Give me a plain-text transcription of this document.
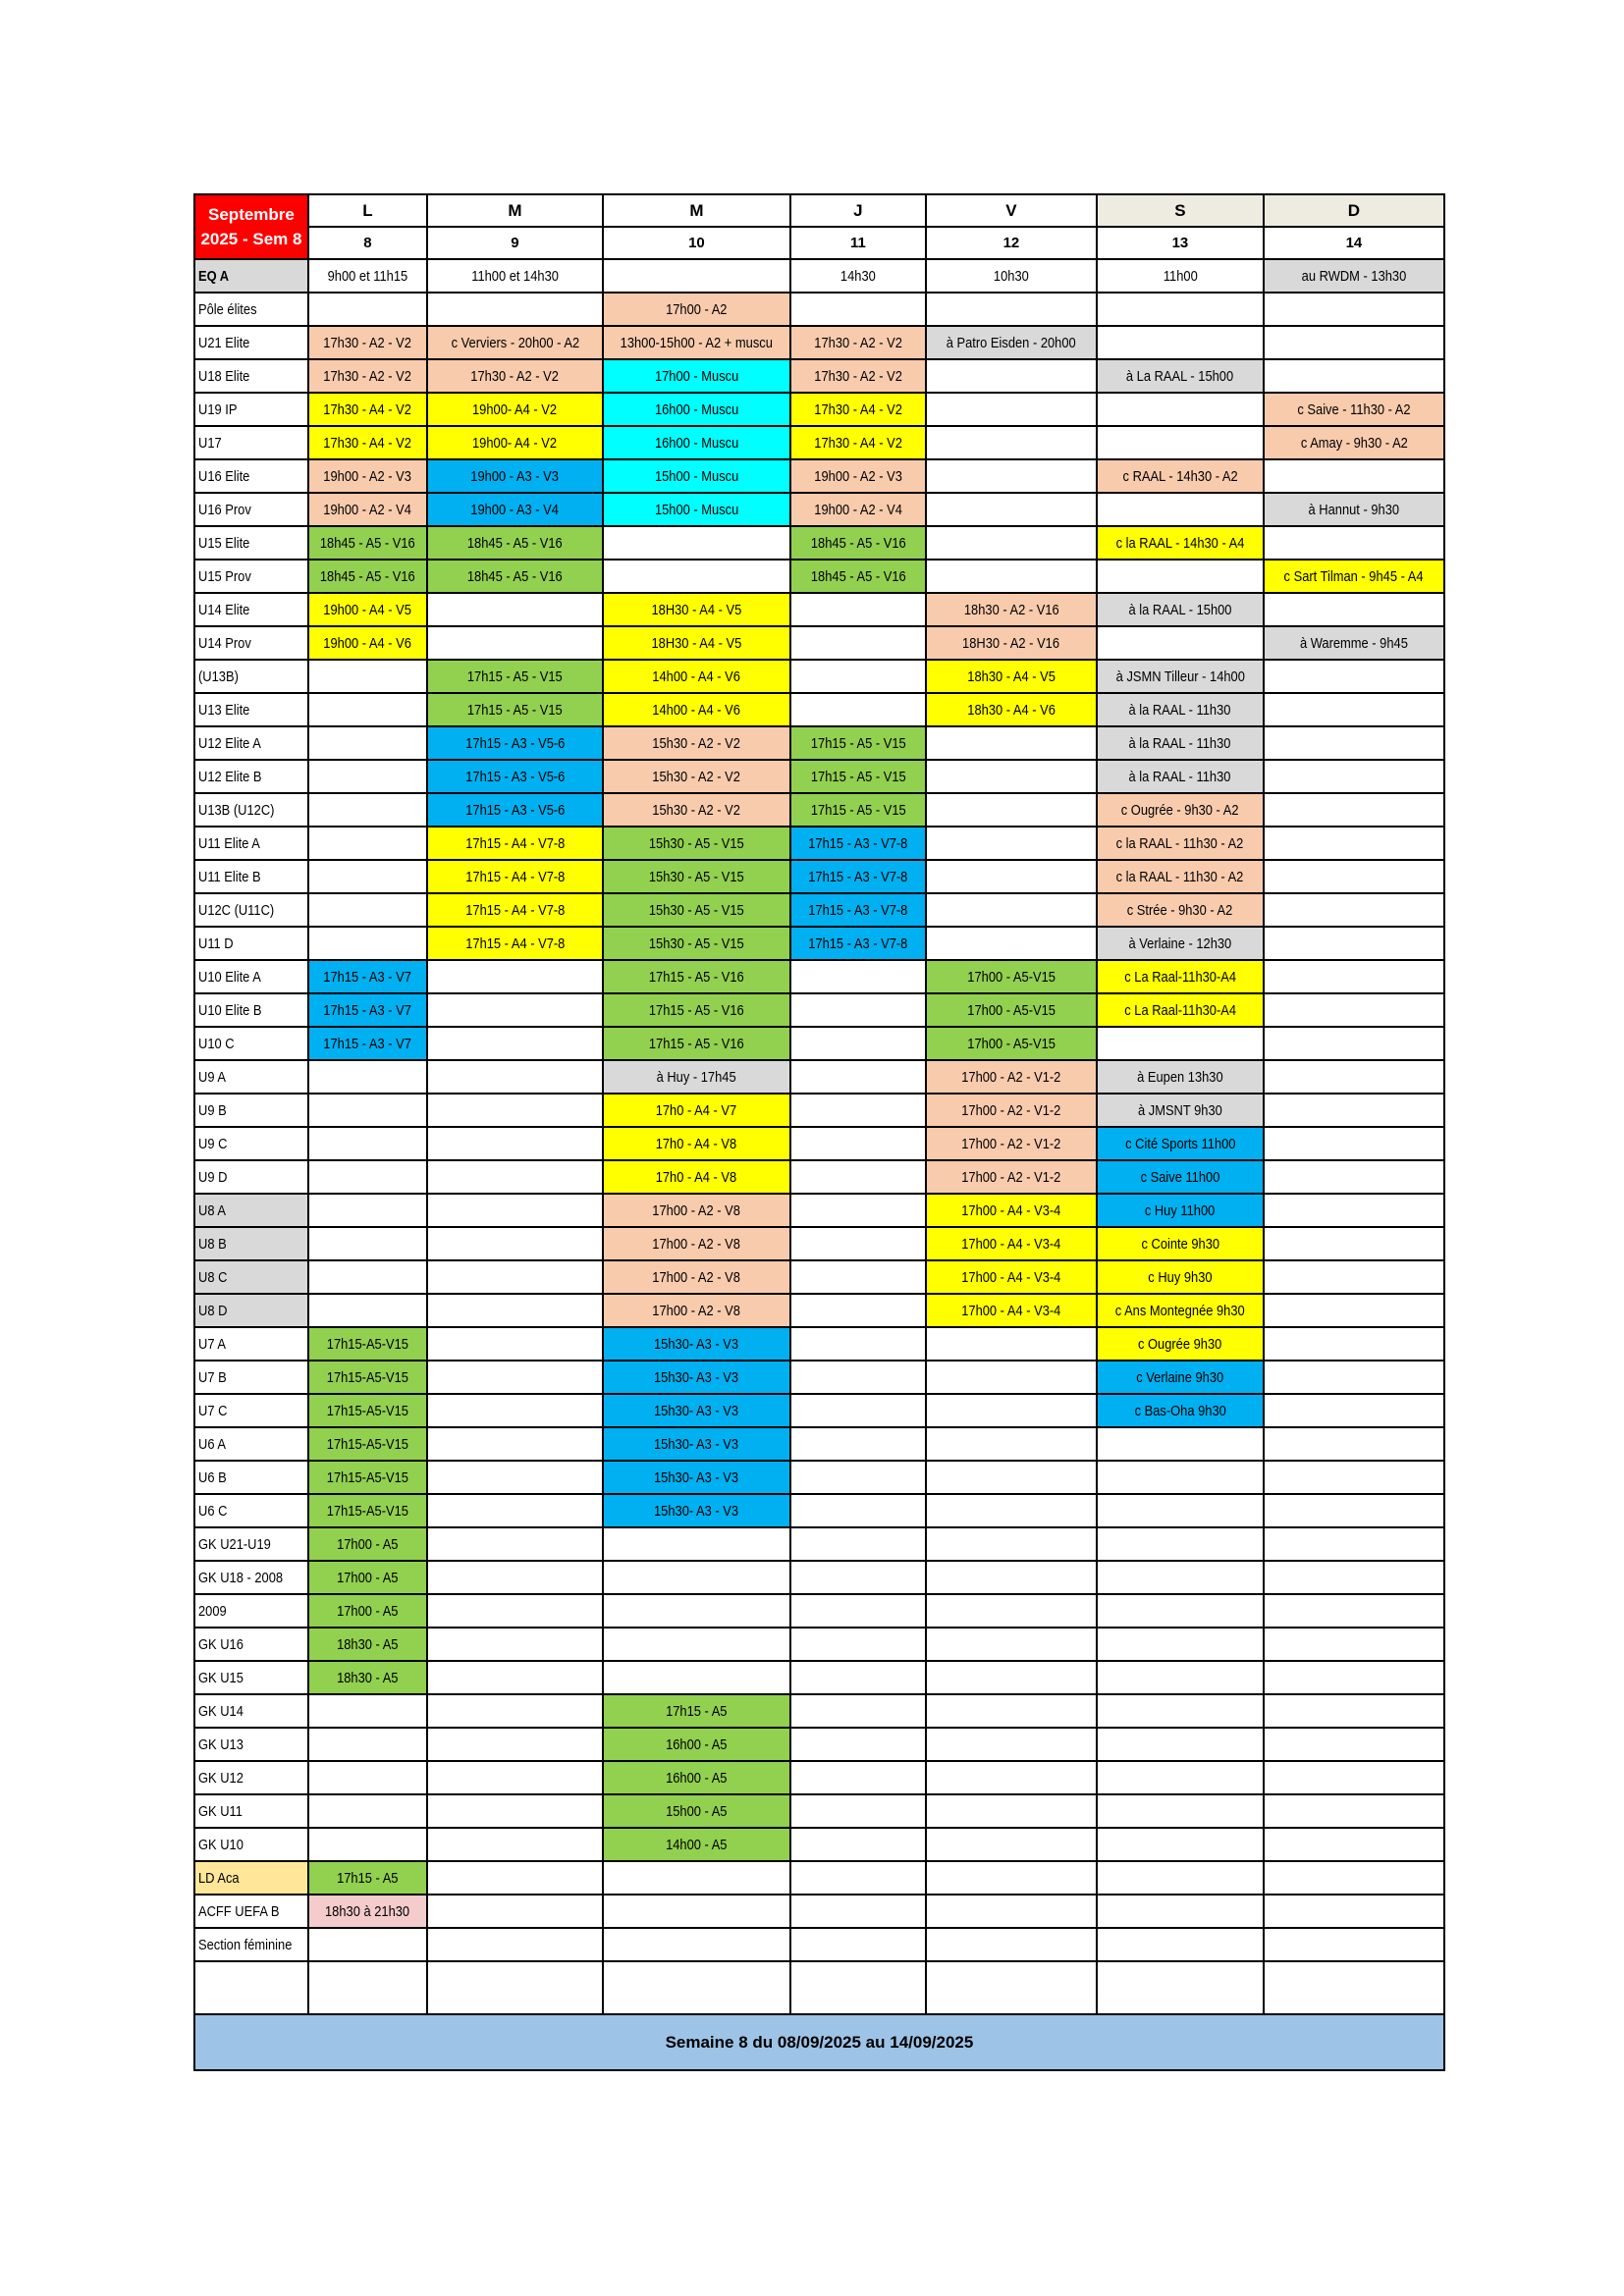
Septembre
2025 - Sem 8	L	M	M	J	V	S	D
	8	9	10	11	12	13	14
EQ A	9h00 et 11h15	11h00 et 14h30		14h30	10h30	11h00	au RWDM - 13h30
Pôle élites			17h00 - A2				
U21 Elite	17h30 - A2 - V2	c Verviers - 20h00 - A2	13h00-15h00 - A2 + muscu	17h30 - A2 - V2	à Patro Eisden - 20h00		
U18 Elite	17h30 - A2 - V2	17h30 - A2 - V2	17h00 - Muscu	17h30 - A2 - V2		à La RAAL - 15h00	
U19 IP	17h30 - A4 - V2	19h00- A4 - V2	16h00 - Muscu	17h30 - A4 - V2			c Saive - 11h30 - A2
U17	17h30 - A4 - V2	19h00- A4 - V2	16h00 - Muscu	17h30 - A4 - V2			c Amay - 9h30 - A2
U16 Elite	19h00 - A2 - V3	19h00 - A3 - V3	15h00 - Muscu	19h00 - A2 - V3		c RAAL - 14h30 - A2	
U16 Prov	19h00 - A2 - V4	19h00 - A3 - V4	15h00 - Muscu	19h00 - A2 - V4			à Hannut - 9h30
U15 Elite	18h45 - A5 - V16	18h45 - A5 - V16		18h45 - A5 - V16		c la RAAL - 14h30 - A4	
U15 Prov	18h45 - A5 - V16	18h45 - A5 - V16		18h45 - A5 - V16			c Sart Tilman - 9h45 - A4
U14 Elite	19h00 - A4 - V5		18H30 - A4 - V5		18h30 - A2 - V16	à la RAAL - 15h00	
U14 Prov	19h00 - A4 - V6		18H30 - A4 - V5		18H30 - A2 - V16		à Waremme - 9h45
(U13B)		17h15 - A5 - V15	14h00 - A4 - V6		18h30 - A4 - V5	à JSMN Tilleur - 14h00	
U13 Elite		17h15 - A5 - V15	14h00 - A4 - V6		18h30 - A4 - V6	à la RAAL - 11h30	
U12 Elite A		17h15 - A3 - V5-6	15h30 - A2 - V2	17h15 - A5 - V15		à la RAAL - 11h30	
U12 Elite B		17h15 - A3 - V5-6	15h30 - A2 - V2	17h15 - A5 - V15		à la RAAL - 11h30	
U13B (U12C)		17h15 - A3 - V5-6	15h30 - A2 - V2	17h15 - A5 - V15		c Ougrée - 9h30 - A2	
U11 Elite A		17h15 - A4 - V7-8	15h30 - A5 - V15	17h15 - A3 - V7-8		c la RAAL - 11h30 - A2	
U11 Elite B		17h15 - A4 - V7-8	15h30 - A5 - V15	17h15 - A3 - V7-8		c la RAAL - 11h30 - A2	
U12C (U11C)		17h15 - A4 - V7-8	15h30 - A5 - V15	17h15 - A3 - V7-8		c Strée - 9h30 - A2	
U11 D		17h15 - A4 - V7-8	15h30 - A5 - V15	17h15 - A3 - V7-8		à Verlaine - 12h30	
U10 Elite A	17h15 - A3 - V7		17h15 - A5 - V16		17h00 - A5-V15	c La Raal-11h30-A4	
U10 Elite B	17h15 - A3 - V7		17h15 - A5 - V16		17h00 - A5-V15	c La Raal-11h30-A4	
U10 C	17h15 - A3 - V7		17h15 - A5 - V16		17h00 - A5-V15		
U9 A			à Huy - 17h45		17h00 - A2 - V1-2	à Eupen 13h30	
U9 B			17h0 - A4 - V7		17h00 - A2 - V1-2	à JMSNT 9h30	
U9 C			17h0 - A4 - V8		17h00 - A2 - V1-2	c Cité Sports 11h00	
U9 D			17h0 - A4 - V8		17h00 - A2 - V1-2	c Saive 11h00	
U8 A			17h00 - A2 - V8		17h00 - A4 - V3-4	c Huy 11h00	
U8 B			17h00 - A2 - V8		17h00 - A4 - V3-4	c Cointe 9h30	
U8 C			17h00 - A2 - V8		17h00 - A4 - V3-4	c Huy 9h30	
U8 D			17h00 - A2 - V8		17h00 - A4 - V3-4	c Ans Montegnée 9h30	
U7 A	17h15-A5-V15		15h30- A3 - V3			c Ougrée 9h30	
U7 B	17h15-A5-V15		15h30- A3 - V3			c Verlaine 9h30	
U7 C	17h15-A5-V15		15h30- A3 - V3			c Bas-Oha 9h30	
U6 A	17h15-A5-V15		15h30- A3 - V3				
U6 B	17h15-A5-V15		15h30- A3 - V3				
U6 C	17h15-A5-V15		15h30- A3 - V3				
GK U21-U19	17h00 - A5						
GK U18 - 2008	17h00 - A5						
2009	17h00 - A5						
GK U16	18h30 - A5						
GK U15	18h30 - A5						
GK U14			17h15 - A5				
GK U13			16h00 - A5				
GK U12			16h00 - A5				
GK U11			15h00 - A5				
GK U10			14h00 - A5				
LD Aca	17h15 - A5						
ACFF UEFA B	18h30 à 21h30						
Section féminine							

Semaine 8 du 08/09/2025 au 14/09/2025							
